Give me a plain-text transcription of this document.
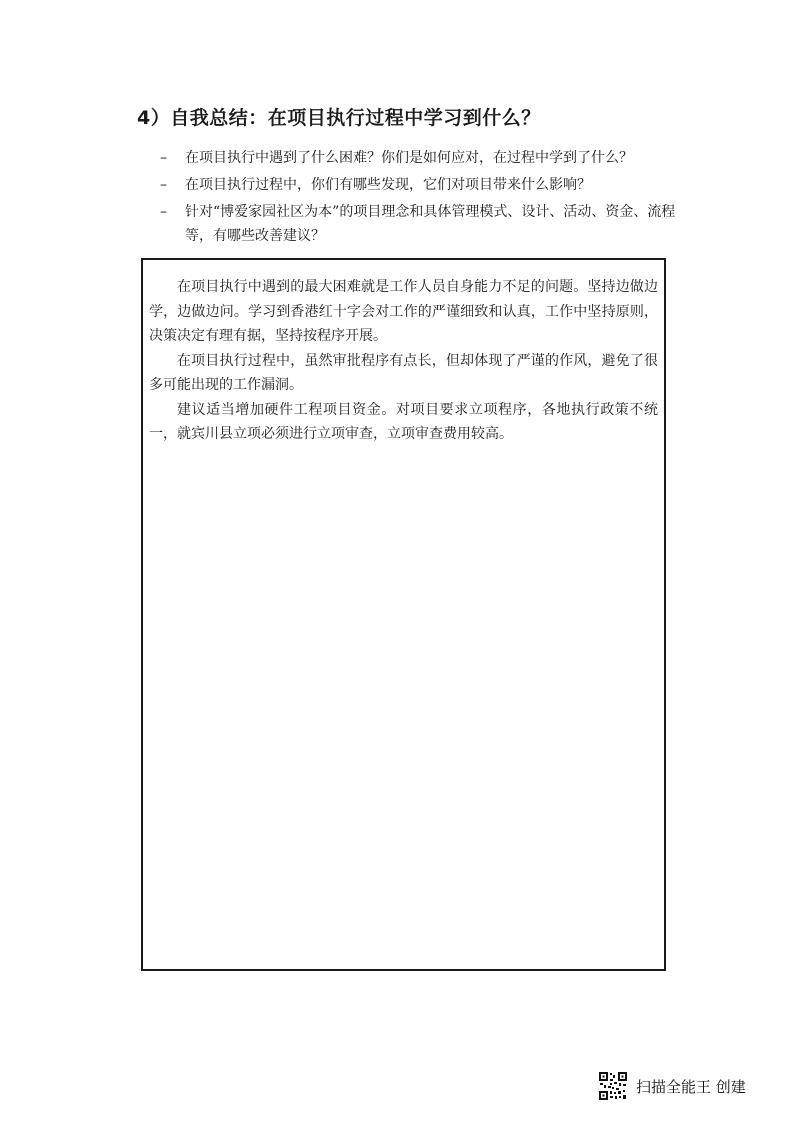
4）自我总结：在项目执行过程中学习到什么？
–	在项目执行中遇到了什么困难？你们是如何应对，在过程中学到了什么？
–	在项目执行过程中，你们有哪些发现，它们对项目带来什么影响？
–	针对“博爱家园社区为本”的项目理念和具体管理模式、设计、活动、资金、流程等，有哪些改善建议？

在项目执行中遇到的最大困难就是工作人员自身能力不足的问题。坚持边做边学，边做边问。学习到香港红十字会对工作的严谨细致和认真，工作中坚持原则，决策决定有理有据，坚持按程序开展。

在项目执行过程中，虽然审批程序有点长，但却体现了严谨的作风，避免了很多可能出现的工作漏洞。

建议适当增加硬件工程项目资金。对项目要求立项程序，各地执行政策不统一，就宾川县立项必须进行立项审查，立项审查费用较高。

扫描全能王 创建
